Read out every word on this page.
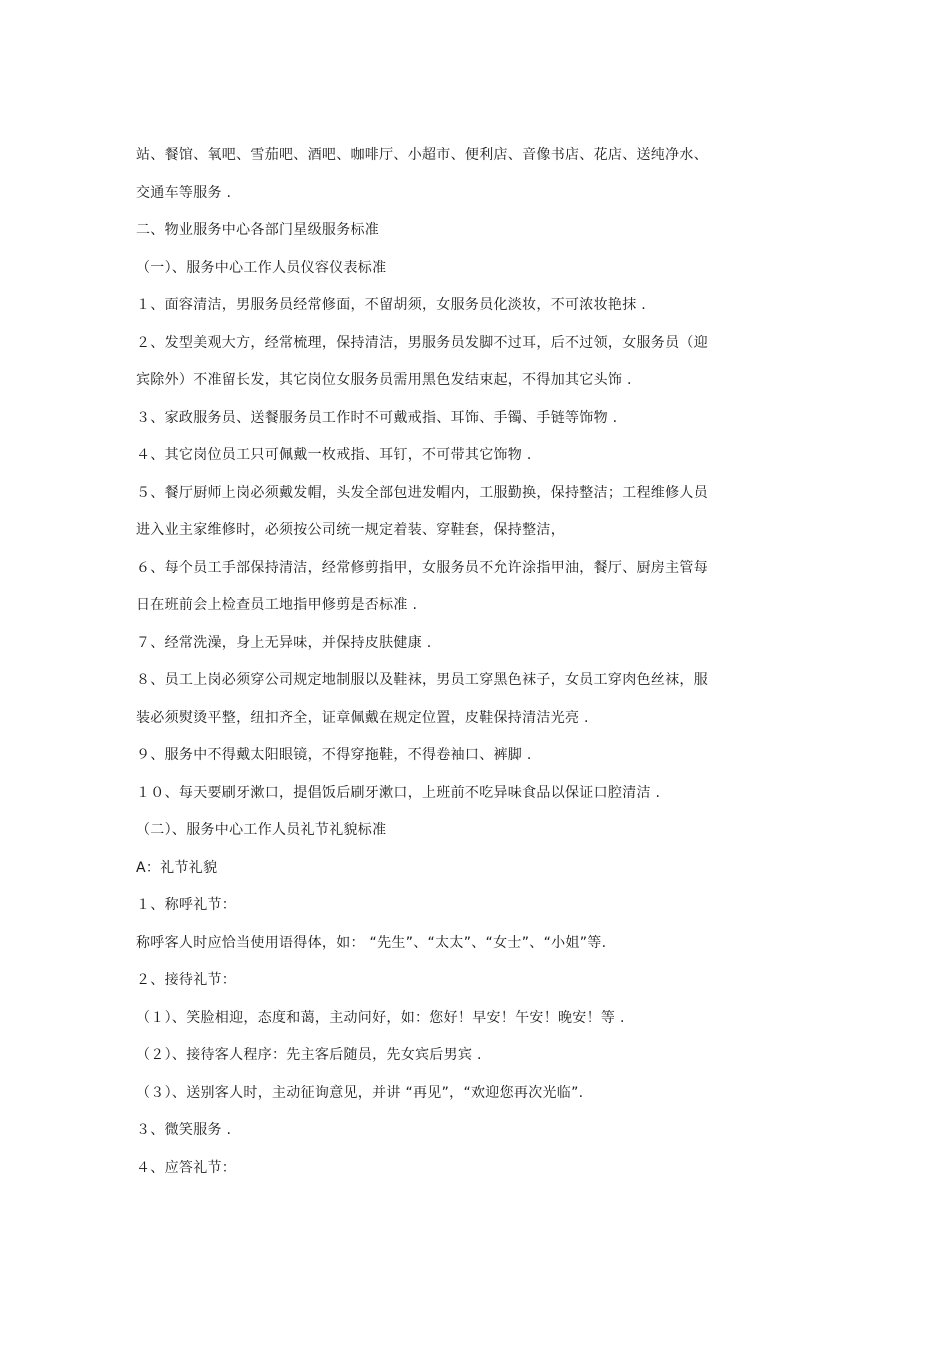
站、餐馆、氧吧、雪茄吧、酒吧、咖啡厅、小超市、便利店、音像书店、花店、送纯净水、
交通车等服务 .
二、物业服务中心各部门星级服务标准
（一）、服务中心工作人员仪容仪表标准
１、面容清洁，男服务员经常修面，不留胡须，女服务员化淡妆，不可浓妆艳抹 .
２、发型美观大方，经常梳理，保持清洁，男服务员发脚不过耳，后不过领，女服务员（迎
宾除外）不准留长发，其它岗位女服务员需用黑色发结束起，不得加其它头饰 .
３、家政服务员、送餐服务员工作时不可戴戒指、耳饰、手镯、手链等饰物 .
４、其它岗位员工只可佩戴一枚戒指、耳钉，不可带其它饰物 .
５、餐厅厨师上岗必须戴发帽，头发全部包进发帽内，工服勤换，保持整洁；工程维修人员
进入业主家维修时，必须按公司统一规定着装、穿鞋套，保持整洁，
６、每个员工手部保持清洁，经常修剪指甲，女服务员不允许涂指甲油，餐厅、厨房主管每
日在班前会上检查员工地指甲修剪是否标准 .
７、经常洗澡，身上无异味，并保持皮肤健康 .
８、员工上岗必须穿公司规定地制服以及鞋袜，男员工穿黑色袜子，女员工穿肉色丝袜，服
装必须熨烫平整，纽扣齐全，证章佩戴在规定位置，皮鞋保持清洁光亮 .
９、服务中不得戴太阳眼镜，不得穿拖鞋，不得卷袖口、裤脚 .
１０、每天要刷牙漱口，提倡饭后刷牙漱口，上班前不吃异味食品以保证口腔清洁 .
（二）、服务中心工作人员礼节礼貌标准
A：礼节礼貌
１、称呼礼节：
称呼客人时应恰当使用语得体，如： “先生”、“太太”、“女士”、“小姐”等.
２、接待礼节：
（１）、笑脸相迎，态度和蔼，主动问好，如：您好！早安！午安！晚安！等 .
（２）、接待客人程序：先主客后随员，先女宾后男宾 .
（３）、送别客人时，主动征询意见，并讲 “再见”，“欢迎您再次光临”.
３、微笑服务 .
４、应答礼节：
